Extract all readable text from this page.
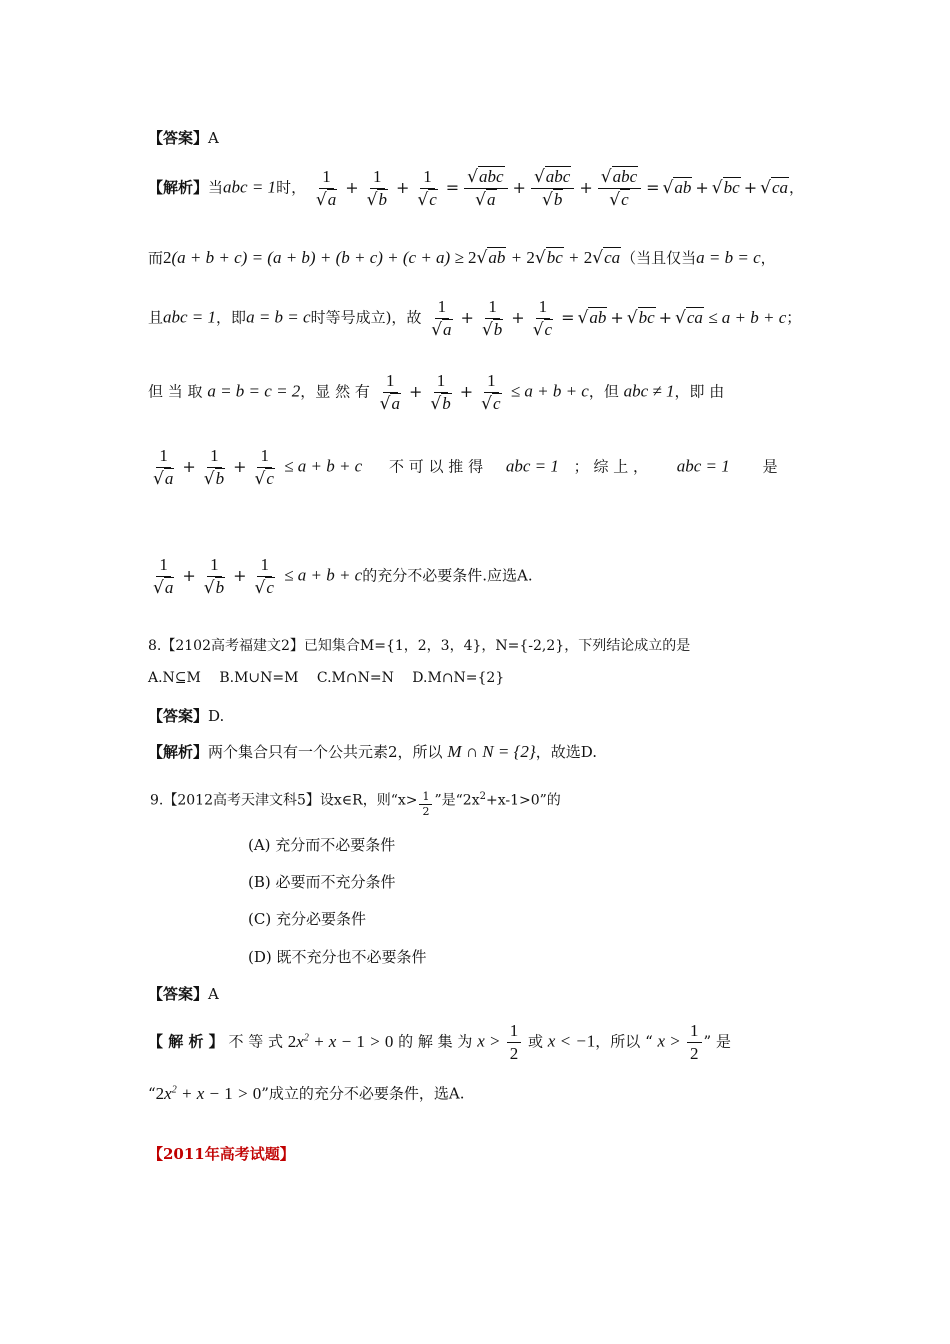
【答案】A
【解析】当abc = 1时， $\frac{1}{√a} + \frac{1}{√b} + \frac{1}{√c} = \frac{\text{√abc}}{√a} + \frac{\text{√abc}}{√b} + \frac{\text{√abc}}{√c} = √ab + √bc + √ca$，
而2(a + b + c) = (a + b) + (b + c) + (c + a) ≥ 2√ab + 2√bc + 2√ca（当且仅当a = b = c，
且abc = 1，即a = b = c时等号成立)，故 $\frac{1}{√a} + \frac{1}{√b} + \frac{1}{√c} = √ab + √bc + √ca \le a + b + c$；
但 当 取 a = b = c = 2，显 然 有 $\frac{1}{√a} + \frac{1}{√b} + \frac{1}{√c} \le a + b + c$，但 abc ≠ 1，即 由
$\frac{1}{√a} + \frac{1}{√b} + \frac{1}{√c} \le a + b + c$ 不 可 以 推 得 abc = 1 ； 综 上 ， abc = 1 是
$\frac{1}{√a} + \frac{1}{√b} + \frac{1}{√c} \le a + b + c$的充分不必要条件.应选A.
8.【2102高考福建文2】已知集合M={1，2，3，4}，N={-2,2}，下列结论成立的是
A.N⊆M　 B.M∪N=M　 C.M∩N=N　 D.M∩N={2}
【答案】D.
【解析】两个集合只有一个公共元素2，所以 M ∩ N = {2}，故选D.
9.【2012高考天津文科5】设x∈R，则“$x> \frac{1}{2}$ ”是“$2x^2+x-1>0$”的
(A) 充分而不必要条件
(B) 必要而不充分条件
(C) 充分必要条件
(D) 既不充分也不必要条件
【答案】A
【 解 析 】 不 等 式 $2x^2 + x - 1 > 0$ 的 解 集 为 $x > \frac{1}{2}$ 或 x < −1，所以 “ $x > \frac{1}{2}$ ” 是
“$2x^2 + x - 1 > 0$”成立的充分不必要条件，选A.
【2011年高考试题】
